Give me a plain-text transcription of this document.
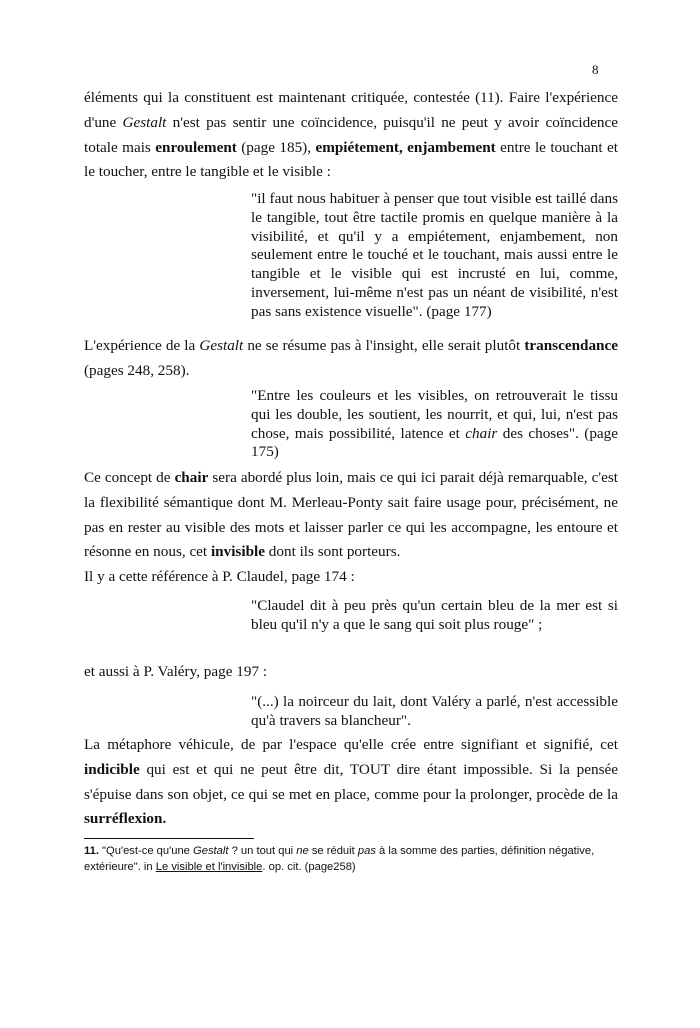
8

éléments qui la constituent est maintenant critiquée, contestée (11). Faire l'expérience d'une Gestalt n'est pas sentir une coïncidence, puisqu'il ne peut y avoir coïncidence totale mais enroulement (page 185), empiétement, enjambement entre le touchant et le toucher, entre le tangible et le visible :

"il faut nous habituer à penser que tout visible est taillé dans le tangible, tout être tactile promis en quelque manière à la visibilité, et qu'il y a empiétement, enjambement, non seulement entre le touché et le touchant, mais aussi entre le tangible et le visible qui est incrusté en lui, comme, inversement, lui-même n'est pas un néant de visibilité, n'est pas sans existence visuelle". (page 177)

L'expérience de la Gestalt ne se résume pas à l'insight, elle serait plutôt transcendance (pages 248, 258).

"Entre les couleurs et les visibles, on retrouverait le tissu qui les double, les soutient, les nourrit, et qui, lui, n'est pas chose, mais possibilité, latence et chair des choses". (page 175)

Ce concept de chair sera abordé plus loin, mais ce qui ici parait déjà remarquable, c'est la flexibilité sémantique dont M. Merleau-Ponty sait faire usage pour, précisément, ne pas en rester au visible des mots et laisser parler ce qui les accompagne, les entoure et résonne en nous, cet invisible dont ils sont porteurs.

Il y a cette référence à P. Claudel, page 174 :

"Claudel dit à peu près qu'un certain bleu de la mer est si bleu qu'il n'y a que le sang qui soit plus rouge" ;

et aussi à P. Valéry, page 197 :

"(...) la noirceur du lait, dont Valéry a parlé, n'est accessible qu'à travers sa blancheur".

La métaphore véhicule, de par l'espace qu'elle crée entre signifiant et signifié, cet indicible qui est et qui ne peut être dit, TOUT dire étant impossible. Si la pensée s'épuise dans son objet, ce qui se met en place, comme pour la prolonger, procède de la surréflexion.

11. "Qu'est-ce qu'une Gestalt ? un tout qui ne se réduit pas à la somme des parties, définition négative, extérieure". in Le visible et l'invisible. op. cit. (page258)
